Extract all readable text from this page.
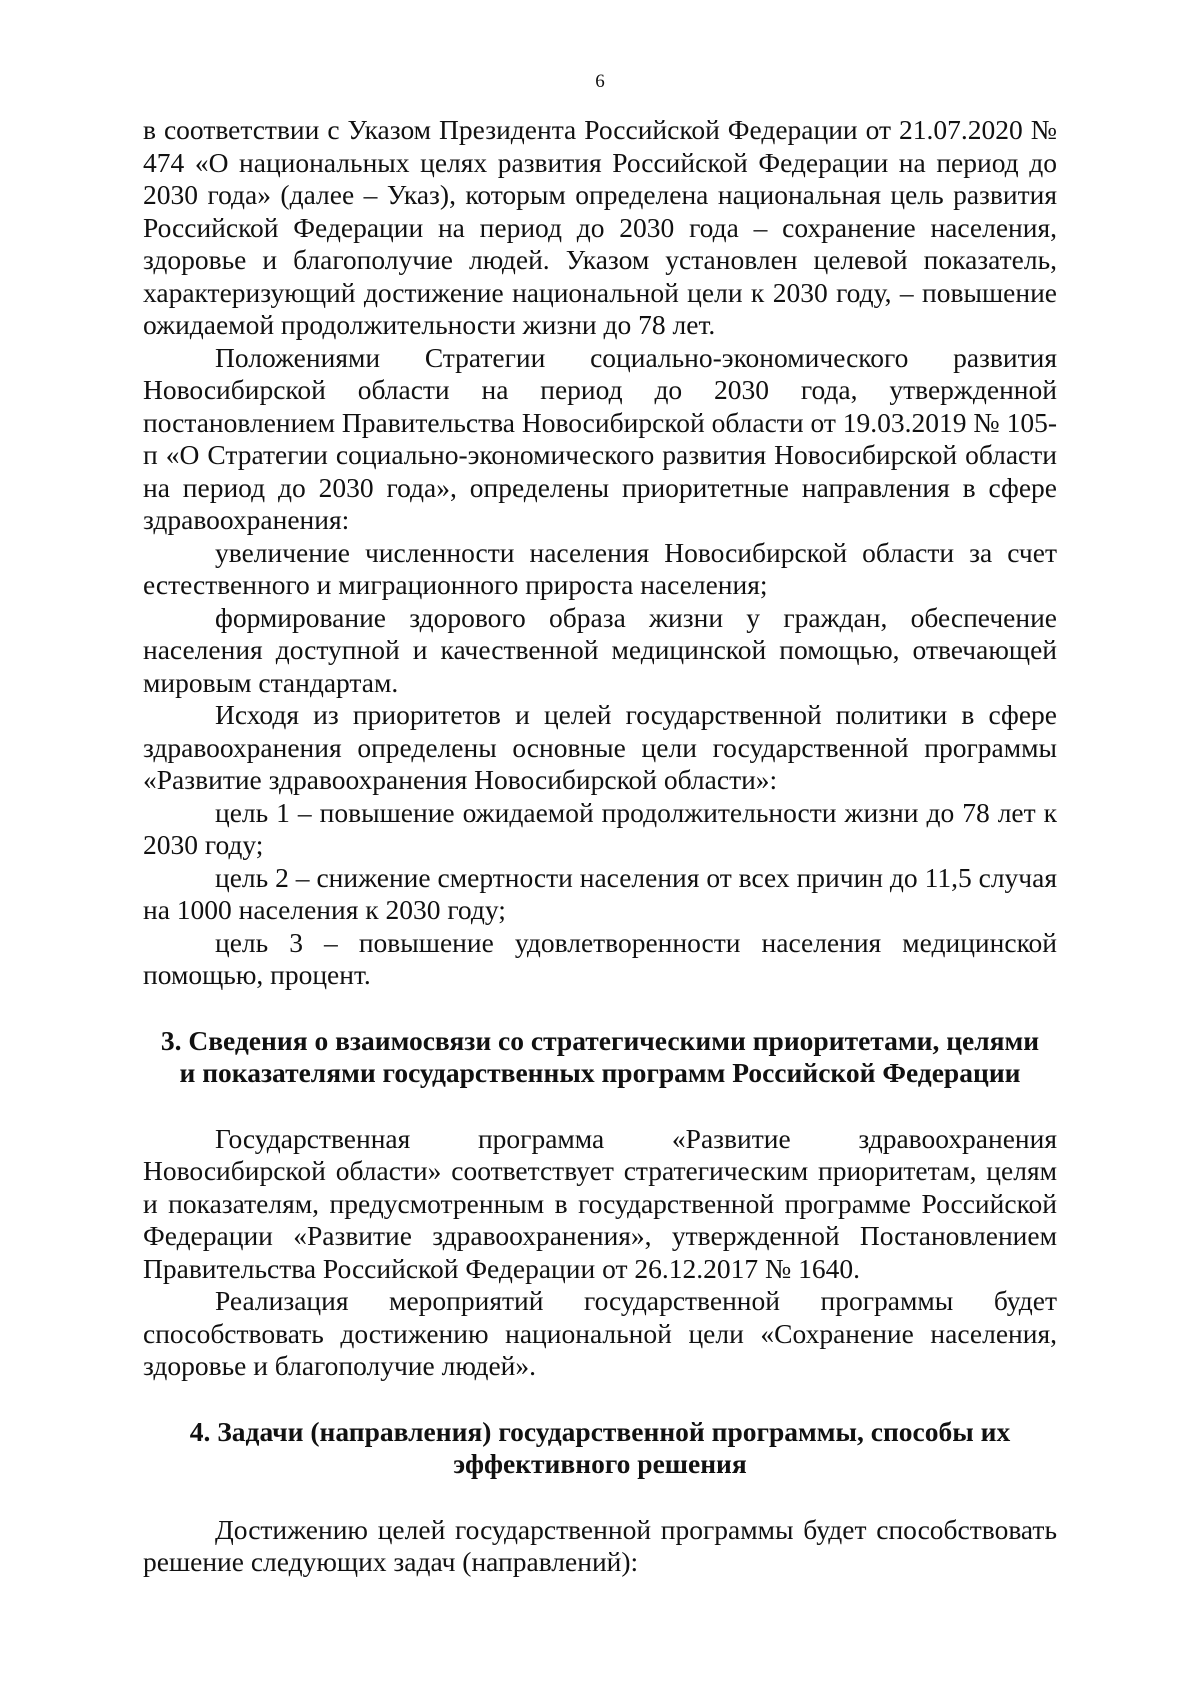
6

в соответствии с Указом Президента Российской Федерации от 21.07.2020 № 474 «О национальных целях развития Российской Федерации на период до 2030 года» (далее – Указ), которым определена национальная цель развития Российской Федерации на период до 2030 года – сохранение населения, здоровье и благополучие людей. Указом установлен целевой показатель, характеризующий достижение национальной цели к 2030 году, – повышение ожидаемой продолжительности жизни до 78 лет.

Положениями Стратегии социально-экономического развития Новосибирской области на период до 2030 года, утвержденной постановлением Правительства Новосибирской области от 19.03.2019 № 105-п «О Стратегии социально-экономического развития Новосибирской области на период до 2030 года», определены приоритетные направления в сфере здравоохранения:

увеличение численности населения Новосибирской области за счет естественного и миграционного прироста населения;

формирование здорового образа жизни у граждан, обеспечение населения доступной и качественной медицинской помощью, отвечающей мировым стандартам.

Исходя из приоритетов и целей государственной политики в сфере здравоохранения определены основные цели государственной программы «Развитие здравоохранения Новосибирской области»:

цель 1 – повышение ожидаемой продолжительности жизни до 78 лет к 2030 году;

цель 2 – снижение смертности населения от всех причин до 11,5 случая на 1000 населения к 2030 году;

цель 3 – повышение удовлетворенности населения медицинской помощью, процент.

3. Сведения о взаимосвязи со стратегическими приоритетами, целями
и показателями государственных программ Российской Федерации

Государственная программа «Развитие здравоохранения Новосибирской области» соответствует стратегическим приоритетам, целям и показателям, предусмотренным в государственной программе Российской Федерации «Развитие здравоохранения», утвержденной Постановлением Правительства Российской Федерации от 26.12.2017 № 1640.

Реализация мероприятий государственной программы будет способствовать достижению национальной цели «Сохранение населения, здоровье и благополучие людей».

4. Задачи (направления) государственной программы, способы их
эффективного решения

Достижению целей государственной программы будет способствовать решение следующих задач (направлений):
